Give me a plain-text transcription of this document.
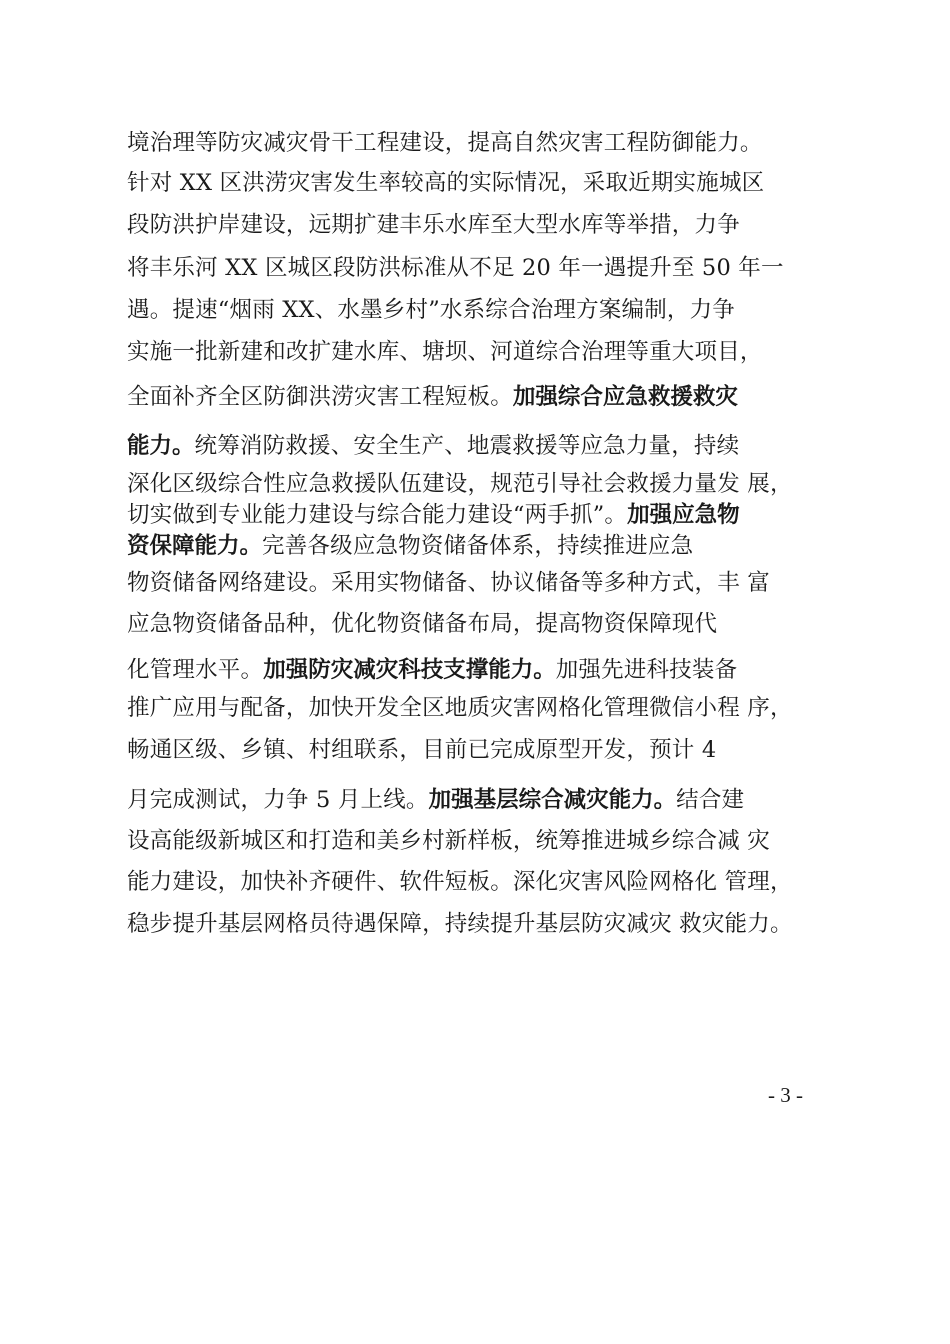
境治理等防灾减灾骨干工程建设，提高自然灾害工程防御能力。
针对 XX 区洪涝灾害发生率较高的实际情况，采取近期实施城区
段防洪护岸建设，远期扩建丰乐水库至大型水库等举措，力争
将丰乐河 XX 区城区段防洪标准从不足 20 年一遇提升至 50 年一
遇。提速“烟雨 XX、水墨乡村”水系综合治理方案编制，力争
实施一批新建和改扩建水库、塘坝、河道综合治理等重大项目，
全面补齐全区防御洪涝灾害工程短板。加强综合应急救援救灾
能力。统筹消防救援、安全生产、地震救援等应急力量，持续
深化区级综合性应急救援队伍建设，规范引导社会救援力量发 展，
切实做到专业能力建设与综合能力建设“两手抓”。加强应急物
资保障能力。完善各级应急物资储备体系，持续推进应急
物资储备网络建设。采用实物储备、协议储备等多种方式，丰 富
应急物资储备品种，优化物资储备布局，提高物资保障现代
化管理水平。加强防灾减灾科技支撑能力。加强先进科技装备
推广应用与配备，加快开发全区地质灾害网格化管理微信小程 序，
畅通区级、乡镇、村组联系，目前已完成原型开发，预计 4
月完成测试，力争 5 月上线。加强基层综合减灾能力。结合建
设高能级新城区和打造和美乡村新样板，统筹推进城乡综合减 灾
能力建设，加快补齐硬件、软件短板。深化灾害风险网格化 管理，
稳步提升基层网格员待遇保障，持续提升基层防灾减灾 救灾能力。
- 3 -
